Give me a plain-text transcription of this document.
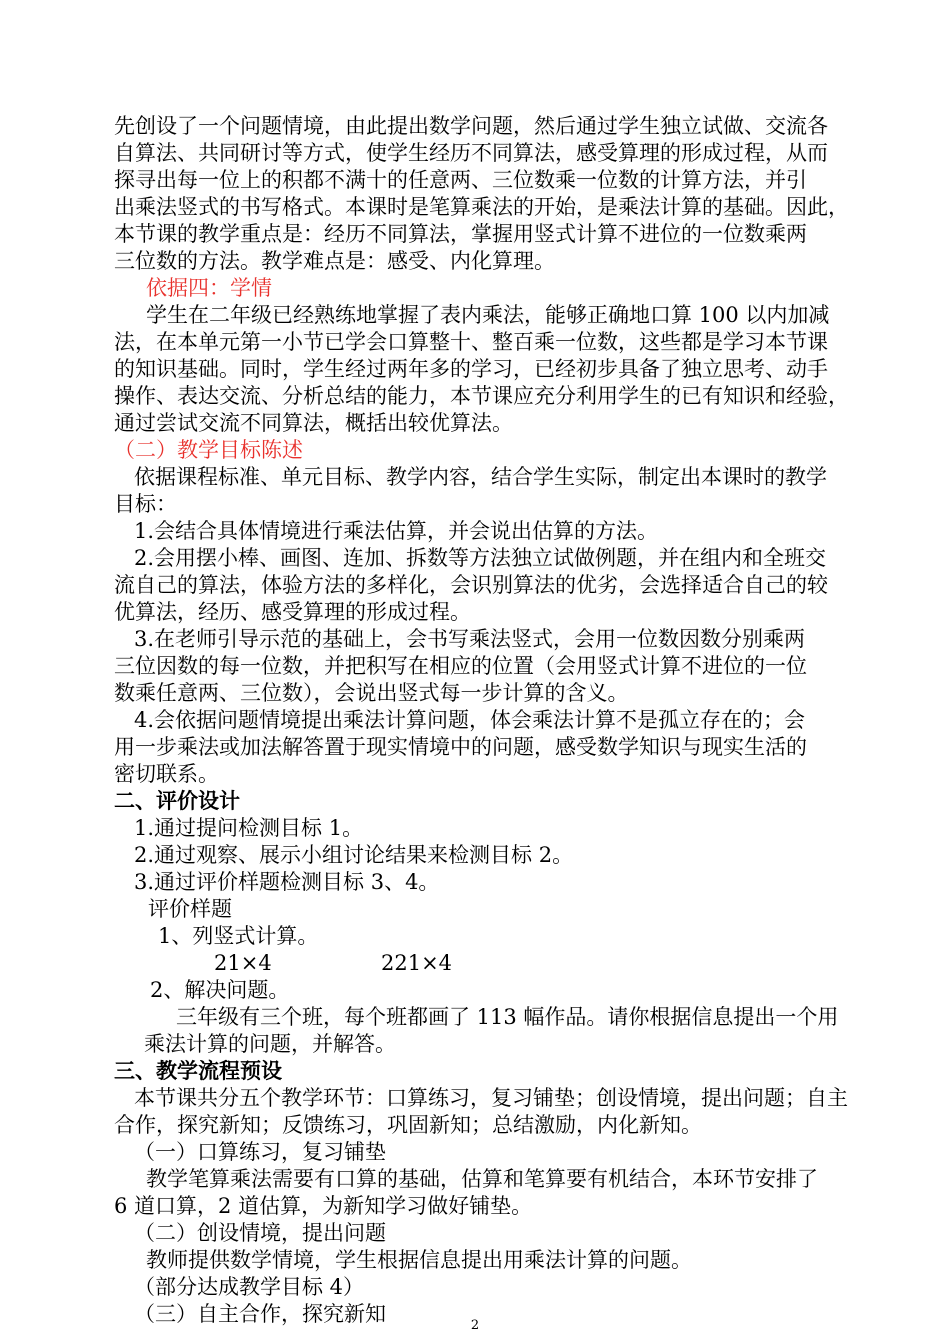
先创设了一个问题情境，由此提出数学问题，然后通过学生独立试做、交流各
自算法、共同研讨等方式，使学生经历不同算法，感受算理的形成过程，从而
探寻出每一位上的积都不满十的任意两、三位数乘一位数的计算方法，并引
出乘法竖式的书写格式。本课时是笔算乘法的开始，是乘法计算的基础。因此，
本节课的教学重点是：经历不同算法，掌握用竖式计算不进位的一位数乘两
三位数的方法。教学难点是：感受、内化算理。
依据四：学情
学生在二年级已经熟练地掌握了表内乘法，能够正确地口算 100 以内加减
法，在本单元第一小节已学会口算整十、整百乘一位数，这些都是学习本节课
的知识基础。同时，学生经过两年多的学习，已经初步具备了独立思考、动手
操作、表达交流、分析总结的能力，本节课应充分利用学生的已有知识和经验，
通过尝试交流不同算法，概括出较优算法。
（二）教学目标陈述
依据课程标准、单元目标、教学内容，结合学生实际，制定出本课时的教学
目标：
1.会结合具体情境进行乘法估算，并会说出估算的方法。
2.会用摆小棒、画图、连加、拆数等方法独立试做例题，并在组内和全班交
流自己的算法，体验方法的多样化，会识别算法的优劣，会选择适合自己的较
优算法，经历、感受算理的形成过程。
3.在老师引导示范的基础上，会书写乘法竖式，会用一位数因数分别乘两
三位因数的每一位数，并把积写在相应的位置（会用竖式计算不进位的一位
数乘任意两、三位数），会说出竖式每一步计算的含义。
4.会依据问题情境提出乘法计算问题，体会乘法计算不是孤立存在的；会
用一步乘法或加法解答置于现实情境中的问题，感受数学知识与现实生活的
密切联系。
二、评价设计
1.通过提问检测目标 1。
2.通过观察、展示小组讨论结果来检测目标 2。
3.通过评价样题检测目标 3、4。
评价样题
1、列竖式计算。
21×4	221×4
2、解决问题。
三年级有三个班，每个班都画了 113 幅作品。请你根据信息提出一个用
乘法计算的问题，并解答。
三、教学流程预设
本节课共分五个教学环节：口算练习，复习铺垫；创设情境，提出问题；自主
合作，探究新知；反馈练习，巩固新知；总结激励，内化新知。
（一）口算练习，复习铺垫
教学笔算乘法需要有口算的基础，估算和笔算要有机结合，本环节安排了
6 道口算，2 道估算，为新知学习做好铺垫。
（二）创设情境，提出问题
教师提供数学情境，学生根据信息提出用乘法计算的问题。
（部分达成教学目标 4）
（三）自主合作，探究新知	2
